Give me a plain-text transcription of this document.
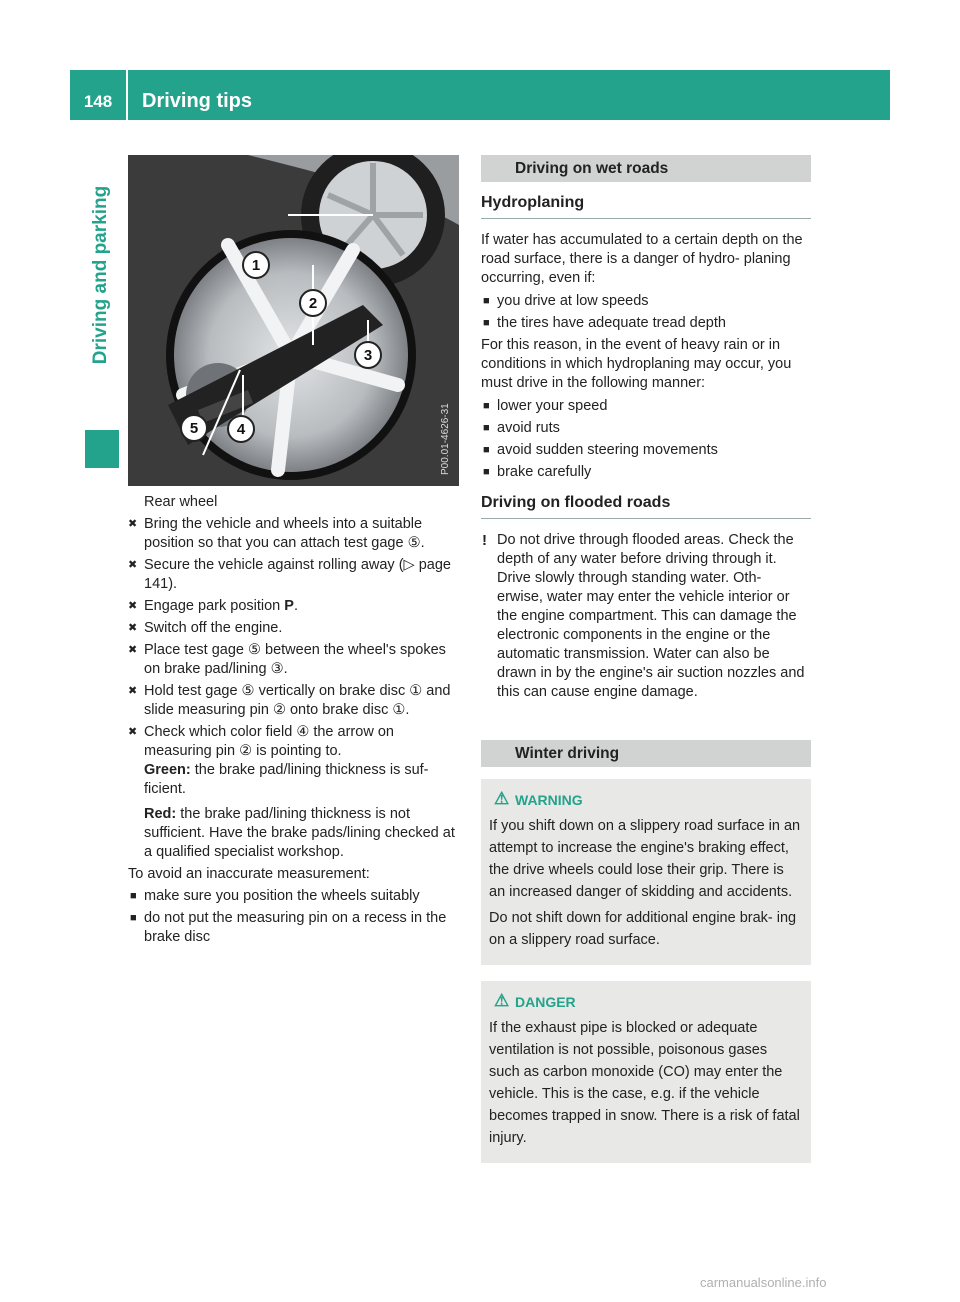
148	Driving tips
Driving and parking	1
2
3
4
5	P00.01-4626-31

Rear wheel

✖ Bring the vehicle and wheels into a suitable position so that you can attach test gage ⑤.

✖ Secure the vehicle against rolling away (▷ page 141).

✖ Engage park position P.

✖ Switch off the engine.

✖ Place test gage ⑤ between the wheel's spokes on brake pad/lining ③.

✖ Hold test gage ⑤ vertically on brake disc ① and slide measuring pin ② onto brake disc ①.

✖ Check which color field ④ the arrow on measuring pin ② is pointing to.

Green: the brake pad/lining thickness is suf- ficient.

Red: the brake pad/lining thickness is not sufficient. Have the brake pads/lining checked at a qualified specialist workshop.

To avoid an inaccurate measurement:

■ make sure you position the wheels suitably

■ do not put the measuring pin on a recess in the brake disc

Driving on wet roads

Hydroplaning

If water has accumulated to a certain depth on the road surface, there is a danger of hydro- planing occurring, even if:

■ you drive at low speeds

■ the tires have adequate tread depth

For this reason, in the event of heavy rain or in conditions in which hydroplaning may occur, you must drive in the following manner:

■ lower your speed

■ avoid ruts

■ avoid sudden steering movements

■ brake carefully

Driving on flooded roads

! Do not drive through flooded areas. Check the depth of any water before driving through it. Drive slowly through standing water. Oth- erwise, water may enter the vehicle interior or the engine compartment. This can damage the electronic components in the engine or the automatic transmission. Water can also be drawn in by the engine's air suction nozzles and this can cause engine damage.

Winter driving

⚠ WARNING

If you shift down on a slippery road surface in an attempt to increase the engine's braking effect, the drive wheels could lose their grip. There is an increased danger of skidding and accidents.

Do not shift down for additional engine brak- ing on a slippery road surface.

⚠ DANGER

If the exhaust pipe is blocked or adequate ventilation is not possible, poisonous gases such as carbon monoxide (CO) may enter the vehicle. This is the case, e.g. if the vehicle becomes trapped in snow. There is a risk of fatal injury.

carmanualsonline.info
